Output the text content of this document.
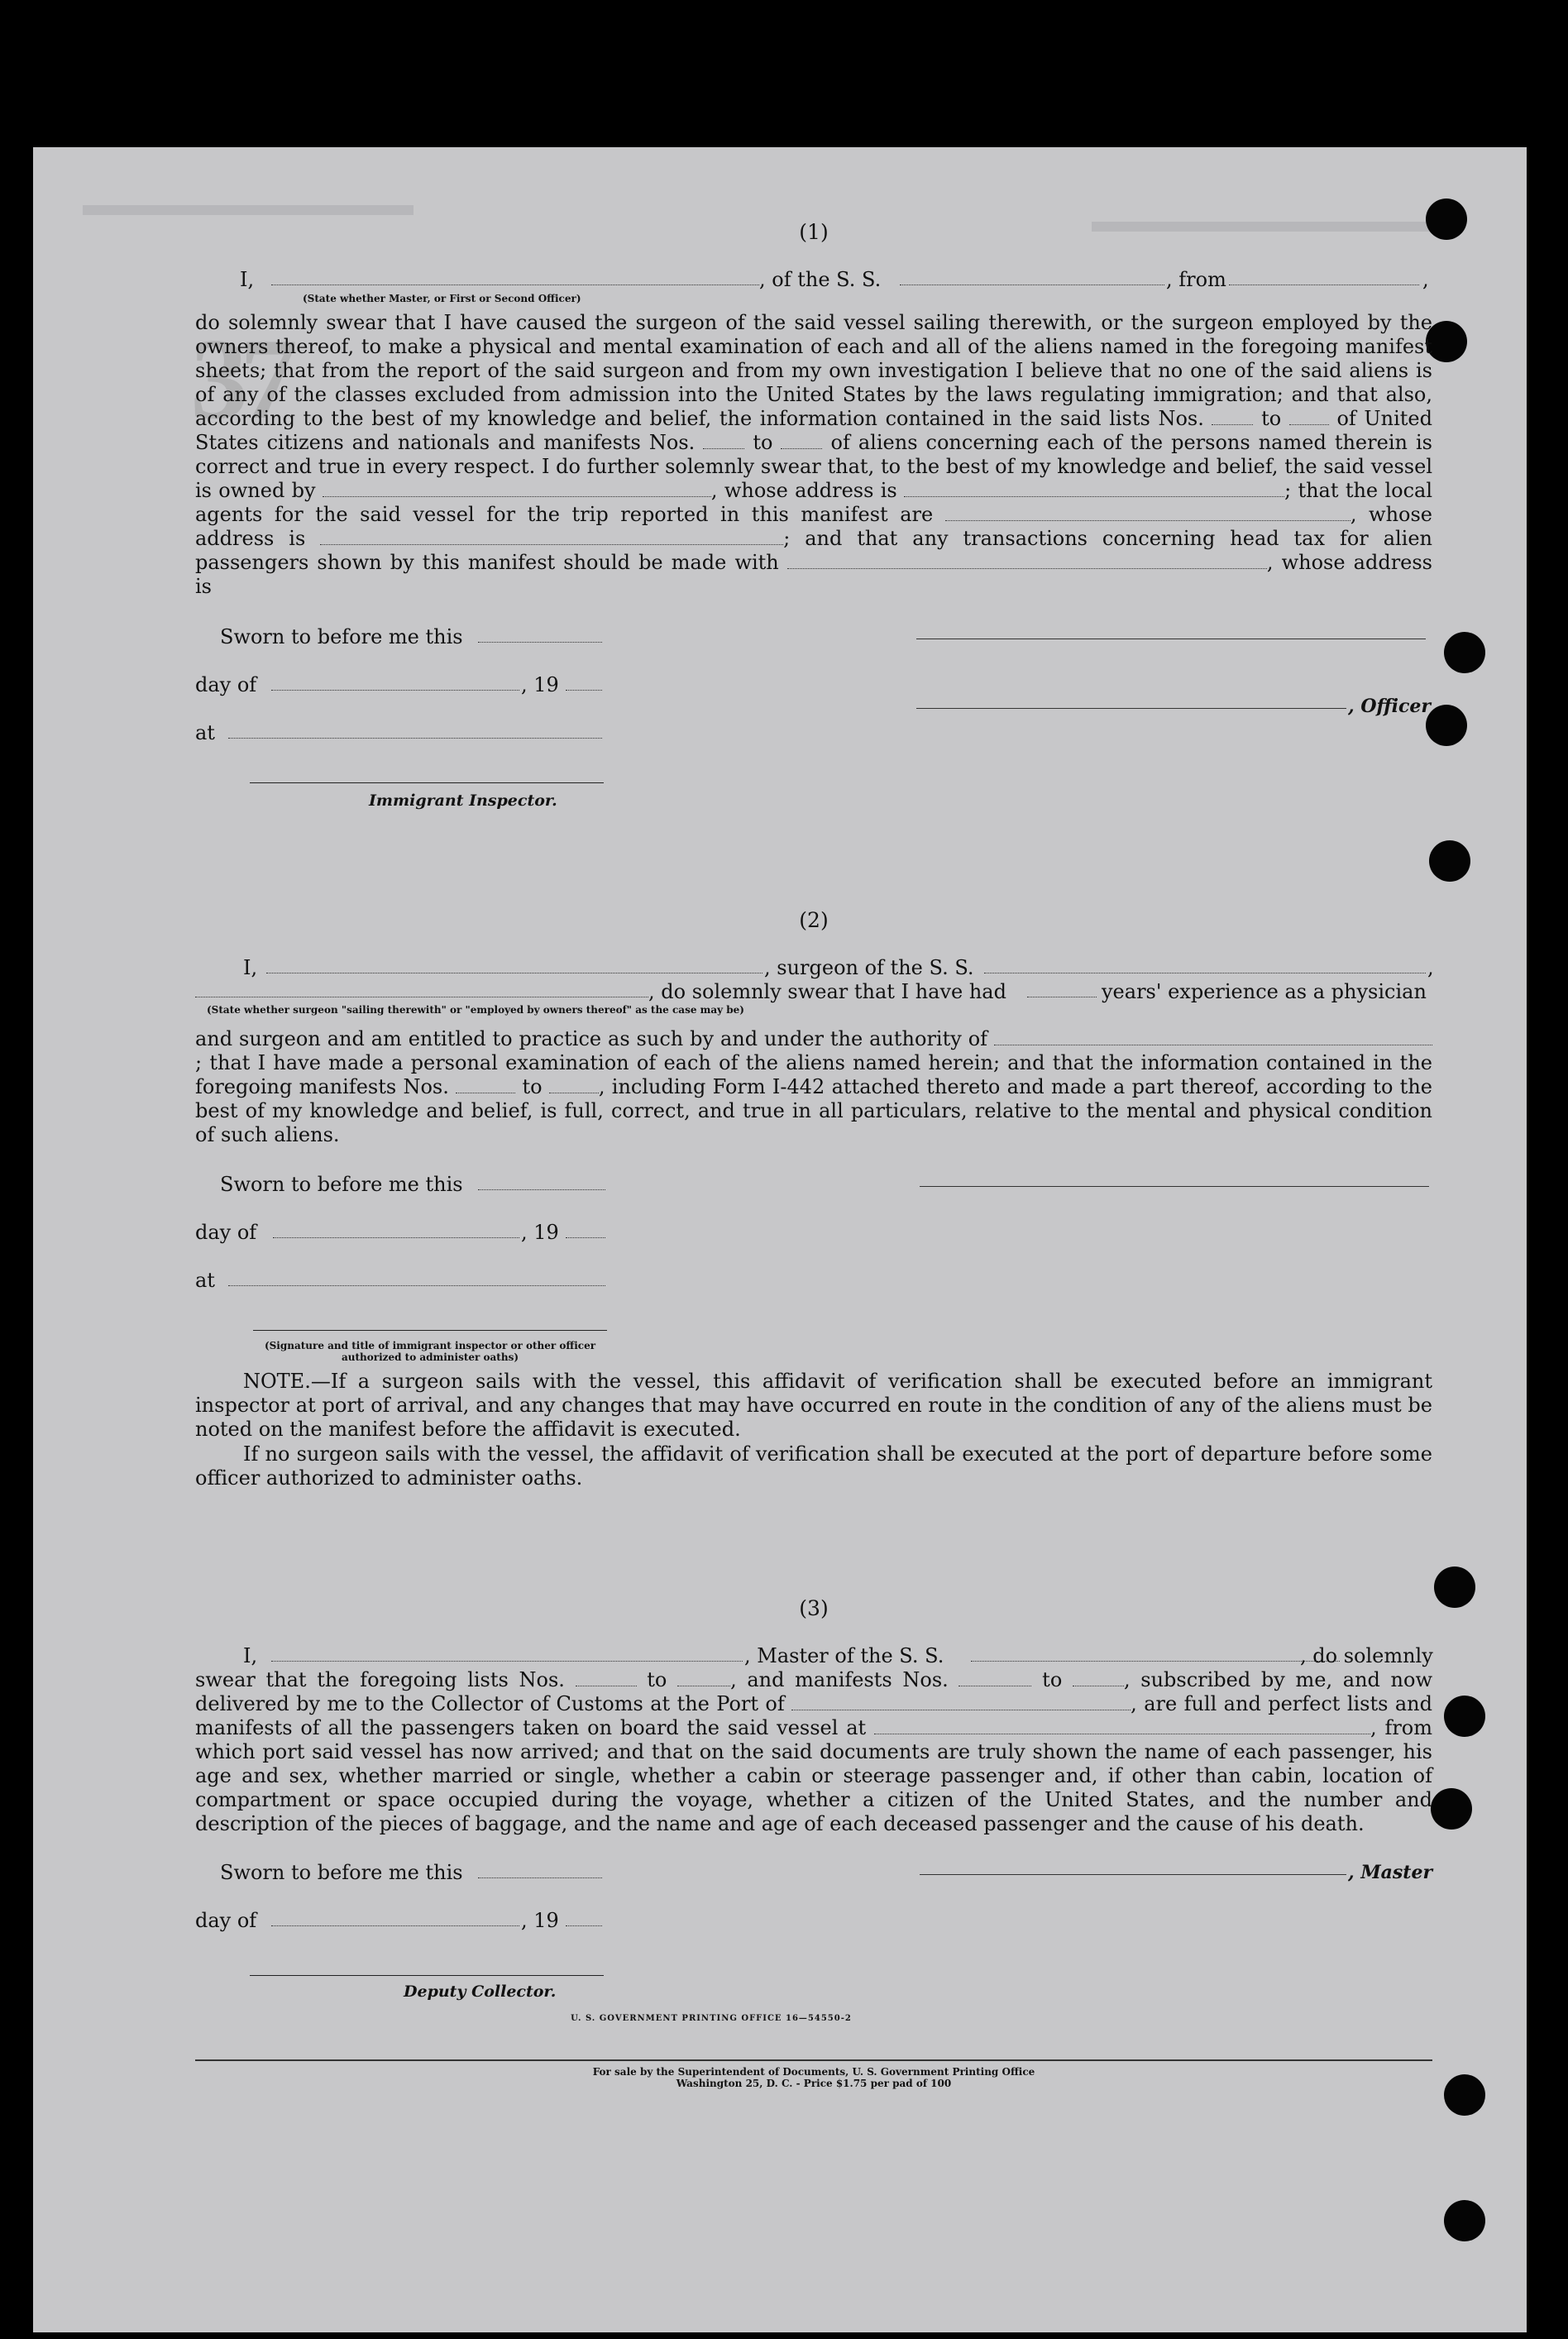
37
(1)
I,	, of the S. S.	, from	,
(State whether Master, or First or Second Officer)
do solemnly swear that I have caused the surgeon of the said vessel sailing therewith, or the surgeon employed by the owners thereof, to make a physical and mental examination of each and all of the aliens named in the foregoing manifest sheets; that from the report of the said surgeon and from my own investigation I believe that no one of the said aliens is of any of the classes excluded from admission into the United States by the laws regulating immigration; and that also, according to the best of my knowledge and belief, the information contained in the said lists Nos.	to	of United States citizens and nationals and manifests Nos.	to	of aliens concerning each of the persons named therein is correct and true in every respect. I do further solemnly swear that, to the best of my knowledge and belief, the said vessel is owned by	, whose address is	; that the local agents for the said vessel for the trip reported in this manifest are	, whose address is	; and that any transactions concerning head tax for alien passengers shown by this manifest should be made with	, whose address is
Sworn to before me this
day of	, 19
, Officer
at
Immigrant Inspector.
(2)
I,	, surgeon of the S. S.	,
, do solemnly swear that I have had	years' experience as a physician
(State whether surgeon "sailing therewith" or "employed by owners thereof" as the case may be)
and surgeon and am entitled to practice as such by and under the authority of ; that I have made a personal examination of each of the aliens named herein; and that the information contained in the foregoing manifests Nos.	to	, including Form I-442 attached thereto and made a part thereof, according to the best of my knowledge and belief, is full, correct, and true in all particulars, relative to the mental and physical condition of such aliens.
Sworn to before me this
day of	, 19
at
(Signature and title of immigrant inspector or other officer authorized to administer oaths)
NOTE.—If a surgeon sails with the vessel, this affidavit of verification shall be executed before an immigrant inspector at port of arrival, and any changes that may have occurred en route in the condition of any of the aliens must be noted on the manifest before the affidavit is executed.
If no surgeon sails with the vessel, the affidavit of verification shall be executed at the port of departure before some officer authorized to administer oaths.
(3)
I,	, Master of the S. S.	, do solemnly
swear that the foregoing lists Nos.	to	, and manifests Nos.	to	, subscribed by me, and now delivered by me to the Collector of Customs at the Port of	, are full and perfect lists and manifests of all the passengers taken on board the said vessel at	, from which port said vessel has now arrived; and that on the said documents are truly shown the name of each passenger, his age and sex, whether married or single, whether a cabin or steerage passenger and, if other than cabin, location of compartment or space occupied during the voyage, whether a citizen of the United States, and the number and description of the pieces of baggage, and the name and age of each deceased passenger and the cause of his death.
Sworn to before me this	, Master
day of	, 19
Deputy Collector.
U. S. GOVERNMENT PRINTING OFFICE 16—54550-2
For sale by the Superintendent of Documents, U. S. Government Printing Office
Washington 25, D. C. - Price $1.75 per pad of 100
